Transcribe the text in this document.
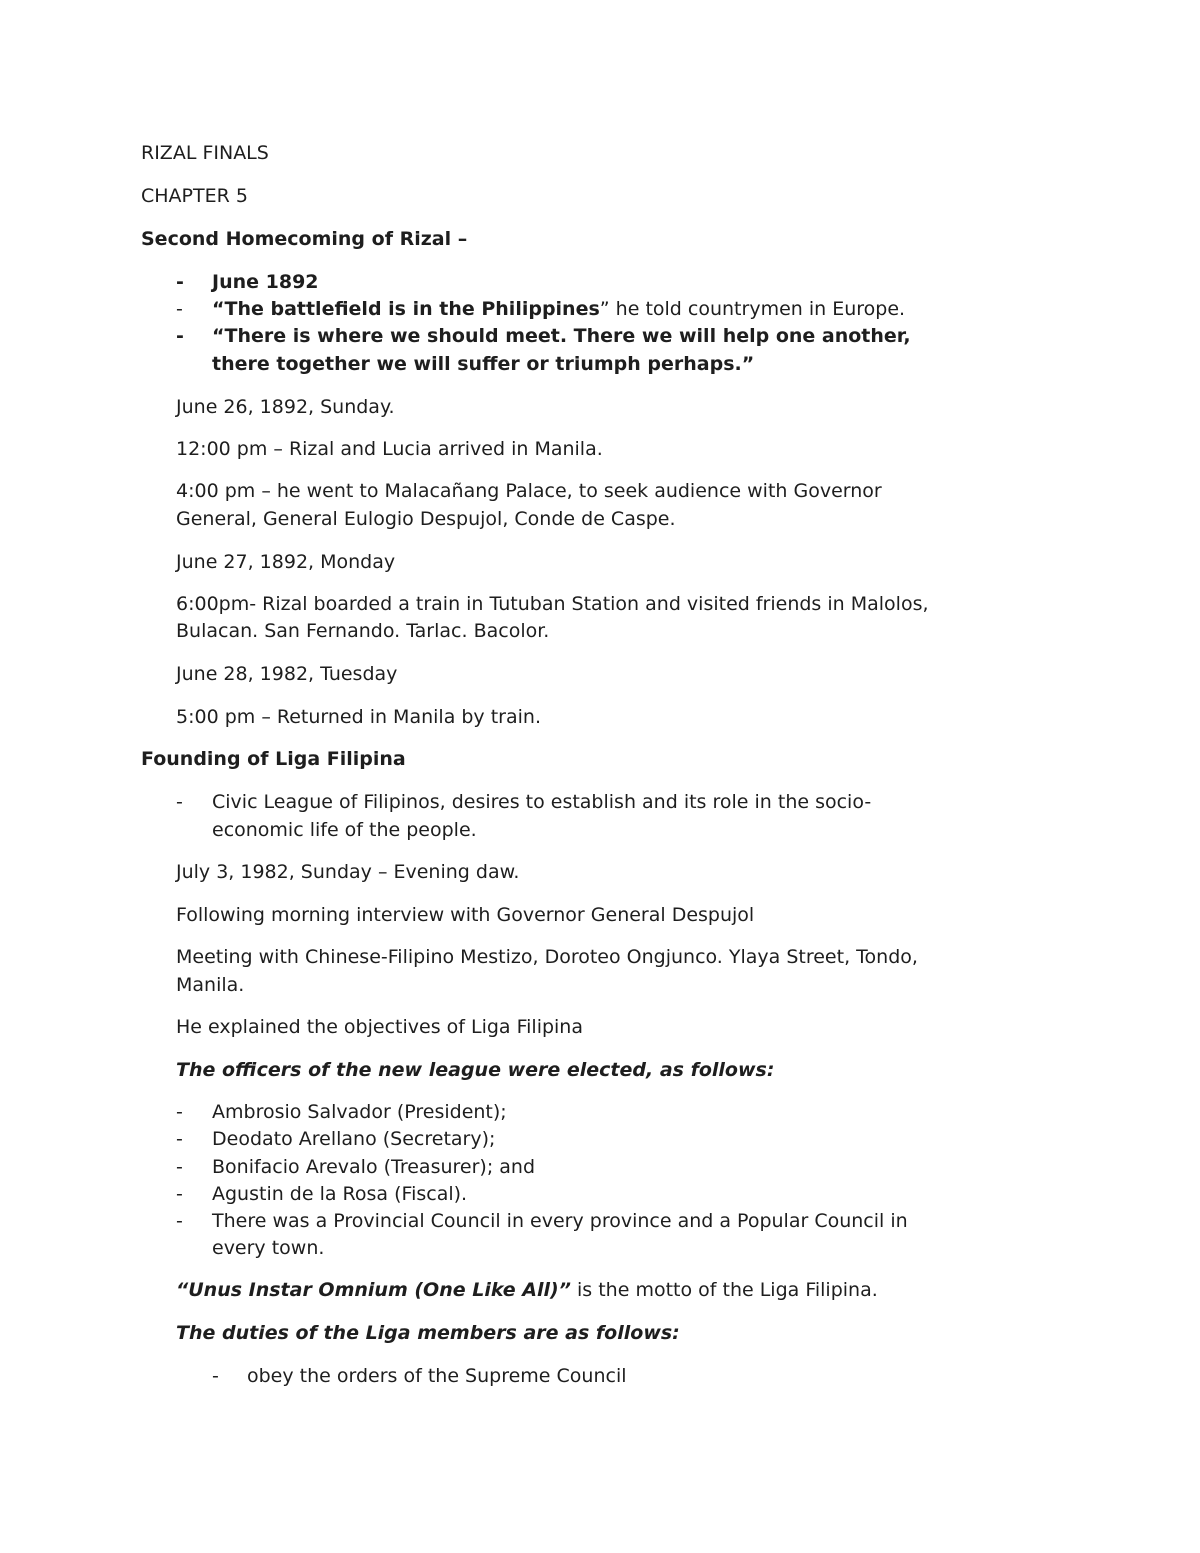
RIZAL FINALS

CHAPTER 5

Second Homecoming of Rizal –

- June 1892

- “The battlefield is in the Philippines” he told countrymen in Europe.

- “There is where we should meet. There we will help one another,

there together we will suffer or triumph perhaps.”

June 26, 1892, Sunday.

12:00 pm – Rizal and Lucia arrived in Manila.

4:00 pm – he went to Malacañang Palace, to seek audience with Governor

General, General Eulogio Despujol, Conde de Caspe.

June 27, 1892, Monday

6:00pm- Rizal boarded a train in Tutuban Station and visited friends in Malolos,

Bulacan. San Fernando. Tarlac. Bacolor.

June 28, 1982, Tuesday

5:00 pm – Returned in Manila by train.

Founding of Liga Filipina

- Civic League of Filipinos, desires to establish and its role in the socio-

economic life of the people.

July 3, 1982, Sunday – Evening daw.

Following morning interview with Governor General Despujol

Meeting with Chinese-Filipino Mestizo, Doroteo Ongjunco. Ylaya Street, Tondo,

Manila.

He explained the objectives of Liga Filipina

The officers of the new league were elected, as follows:

- Ambrosio Salvador (President);

- Deodato Arellano (Secretary);

- Bonifacio Arevalo (Treasurer); and

- Agustin de la Rosa (Fiscal).

- There was a Provincial Council in every province and a Popular Council in

every town.

“Unus Instar Omnium (One Like All)” is the motto of the Liga Filipina.

The duties of the Liga members are as follows:

- obey the orders of the Supreme Council
